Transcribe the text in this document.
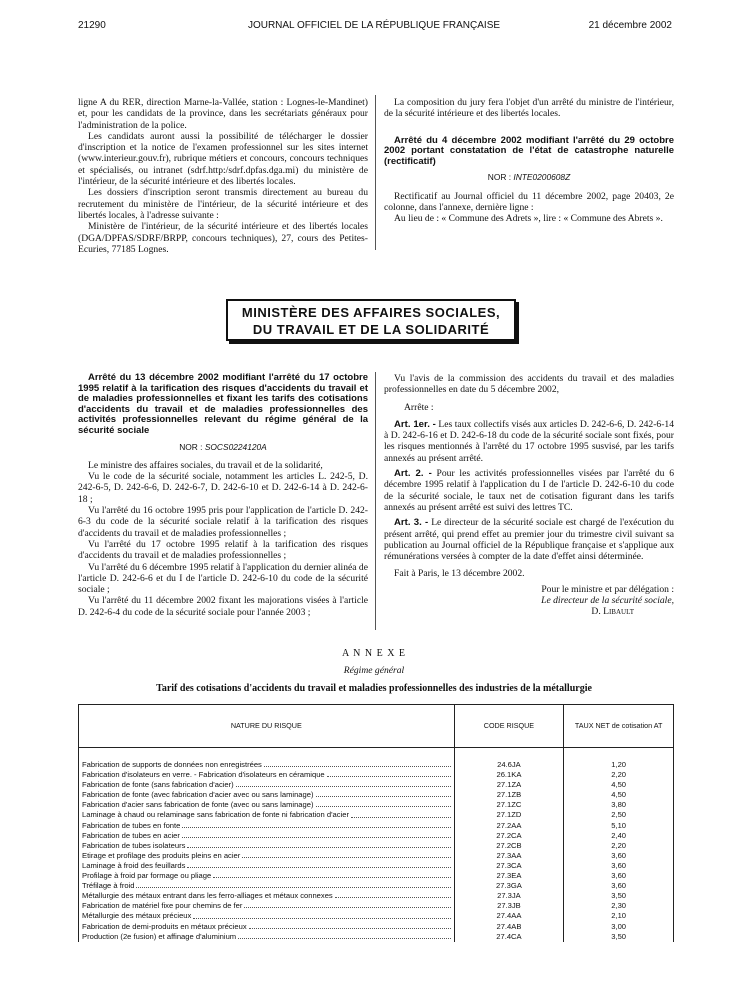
21290	JOURNAL OFFICIEL DE LA RÉPUBLIQUE FRANÇAISE	21 décembre 2002

ligne A du RER, direction Marne-la-Vallée, station : Lognes-le-Mandinet) et, pour les candidats de la province, dans les secrétariats généraux pour l'administration de la police.

Les candidats auront aussi la possibilité de télécharger le dossier d'inscription et la notice de l'examen professionnel sur les sites internet (www.interieur.gouv.fr), rubrique métiers et concours, concours techniques et spécialisés, ou intranet (sdrf.http:/sdrf.dpfas.dga.mi) du ministère de l'intérieur, de la sécurité intérieure et des libertés locales.

Les dossiers d'inscription seront transmis directement au bureau du recrutement du ministère de l'intérieur, de la sécurité intérieure et des libertés locales, à l'adresse suivante :

Ministère de l'intérieur, de la sécurité intérieure et des libertés locales (DGA/DPFAS/SDRF/BRPP, concours techniques), 27, cours des Petites-Ecuries, 77185 Lognes.

La composition du jury fera l'objet d'un arrêté du ministre de l'intérieur, de la sécurité intérieure et des libertés locales.

Arrêté du 4 décembre 2002 modifiant l'arrêté du 29 octobre 2002 portant constatation de l'état de catastrophe naturelle (rectificatif)

NOR : INTE0200608Z

Rectificatif au Journal officiel du 11 décembre 2002, page 20403, 2e colonne, dans l'annexe, dernière ligne :

Au lieu de : « Commune des Adrets », lire : « Commune des Abrets ».

MINISTÈRE DES AFFAIRES SOCIALES,
DU TRAVAIL ET DE LA SOLIDARITÉ

Arrêté du 13 décembre 2002 modifiant l'arrêté du 17 octobre 1995 relatif à la tarification des risques d'accidents du travail et de maladies professionnelles et fixant les tarifs des cotisations d'accidents du travail et de maladies professionnelles des activités professionnelles relevant du régime général de la sécurité sociale

NOR : SOCS0224120A

Le ministre des affaires sociales, du travail et de la solidarité,

Vu le code de la sécurité sociale, notamment les articles L. 242-5, D. 242-6-5, D. 242-6-6, D. 242-6-7, D. 242-6-10 et D. 242-6-14 à D. 242-6-18 ;

Vu l'arrêté du 16 octobre 1995 pris pour l'application de l'article D. 242-6-3 du code de la sécurité sociale relatif à la tarification des risques d'accidents du travail et de maladies professionnelles ;

Vu l'arrêté du 17 octobre 1995 relatif à la tarification des risques d'accidents du travail et de maladies professionnelles ;

Vu l'arrêté du 6 décembre 1995 relatif à l'application du dernier alinéa de l'article D. 242-6-6 et du I de l'article D. 242-6-10 du code de la sécurité sociale ;

Vu l'arrêté du 11 décembre 2002 fixant les majorations visées à l'article D. 242-6-4 du code de la sécurité sociale pour l'année 2003 ;

Vu l'avis de la commission des accidents du travail et des maladies professionnelles en date du 5 décembre 2002,

Arrête :

Art. 1er. - Les taux collectifs visés aux articles D. 242-6-6, D. 242-6-14 à D. 242-6-16 et D. 242-6-18 du code de la sécurité sociale sont fixés, pour les risques mentionnés à l'arrêté du 17 octobre 1995 susvisé, par les tarifs annexés au présent arrêté.

Art. 2. - Pour les activités professionnelles visées par l'arrêté du 6 décembre 1995 relatif à l'application du I de l'article D. 242-6-10 du code de la sécurité sociale, le taux net de cotisation figurant dans les tarifs annexés au présent arrêté est suivi des lettres TC.

Art. 3. - Le directeur de la sécurité sociale est chargé de l'exécution du présent arrêté, qui prend effet au premier jour du trimestre civil suivant sa publication au Journal officiel de la République française et s'applique aux rémunérations versées à compter de la date d'effet ainsi déterminée.

Fait à Paris, le 13 décembre 2002.

Pour le ministre et par délégation :
Le directeur de la sécurité sociale,
D. Libault
A N N E X E
Régime général
Tarif des cotisations d'accidents du travail et maladies professionnelles des industries de la métallurgie
NATURE DU RISQUE	CODE RISQUE	TAUX NET de cotisation AT

Fabrication de supports de données non enregistrées	24.6JA	1,20

Fabrication d'isolateurs en verre. - Fabrication d'isolateurs en céramique	26.1KA	2,20

Fabrication de fonte (sans fabrication d'acier)	27.1ZA	4,50

Fabrication de fonte (avec fabrication d'acier avec ou sans laminage)	27.1ZB	4,50

Fabrication d'acier sans fabrication de fonte (avec ou sans laminage)	27.1ZC	3,80

Laminage à chaud ou relaminage sans fabrication de fonte ni fabrication d'acier	27.1ZD	2,50

Fabrication de tubes en fonte	27.2AA	5,10

Fabrication de tubes en acier	27.2CA	2,40

Fabrication de tubes isolateurs	27.2CB	2,20

Etirage et profilage des produits pleins en acier	27.3AA	3,60

Laminage à froid des feuillards	27.3CA	3,60

Profilage à froid par formage ou pliage	27.3EA	3,60

Tréfilage à froid	27.3GA	3,60

Métallurgie des métaux entrant dans les ferro-alliages et métaux connexes	27.3JA	3,50

Fabrication de matériel fixe pour chemins de fer	27.3JB	2,30

Métallurgie des métaux précieux	27.4AA	2,10

Fabrication de demi-produits en métaux précieux	27.4AB	3,00

Production (2e fusion) et affinage d'aluminium	27.4CA	3,50
